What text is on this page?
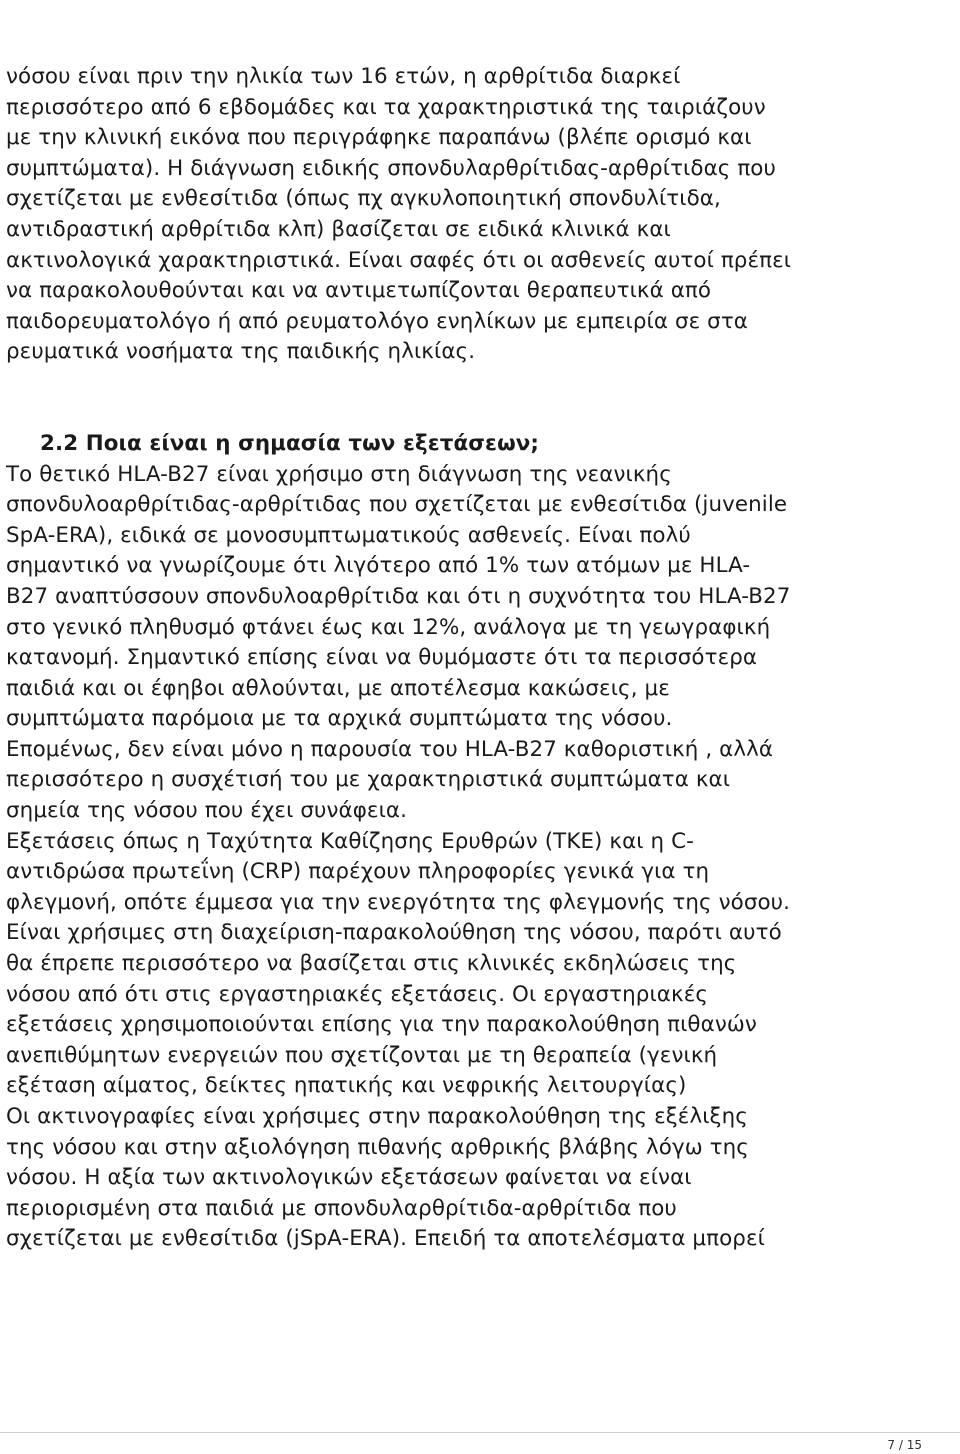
νόσου είναι πριν την ηλικία των 16 ετών, η αρθρίτιδα διαρκεί

περισσότερο από 6 εβδομάδες και τα χαρακτηριστικά της ταιριάζουν

με την κλινική εικόνα που περιγράφηκε παραπάνω (βλέπε ορισμό και

συμπτώματα). Η διάγνωση ειδικής σπονδυλαρθρίτιδας-αρθρίτιδας που

σχετίζεται με ενθεσίτιδα (όπως πχ αγκυλοποιητική σπονδυλίτιδα,

αντιδραστική αρθρίτιδα κλπ) βασίζεται σε ειδικά κλινικά και

ακτινολογικά χαρακτηριστικά. Είναι σαφές ότι οι ασθενείς αυτοί πρέπει

να παρακολουθούνται και να αντιμετωπίζονται θεραπευτικά από

παιδορευματολόγο ή από ρευματολόγο ενηλίκων με εμπειρία σε στα

ρευματικά νοσήματα της παιδικής ηλικίας.

2.2 Ποια είναι η σημασία των εξετάσεων;

Το θετικό HLA-B27 είναι χρήσιμο στη διάγνωση της νεανικής

σπονδυλοαρθρίτιδας-αρθρίτιδας που σχετίζεται με ενθεσίτιδα (juvenile

SpA-ERA), ειδικά σε μονοσυμπτωματικούς ασθενείς. Είναι πολύ

σημαντικό να γνωρίζουμε ότι λιγότερο από 1% των ατόμων με HLA-

B27 αναπτύσσουν σπονδυλοαρθρίτιδα και ότι η συχνότητα του HLA-B27

στο γενικό πληθυσμό φτάνει έως και 12%, ανάλογα με τη γεωγραφική

κατανομή. Σημαντικό επίσης είναι να θυμόμαστε ότι τα περισσότερα

παιδιά και οι έφηβοι αθλούνται, με αποτέλεσμα κακώσεις, με

συμπτώματα παρόμοια με τα αρχικά συμπτώματα της νόσου.

Επομένως, δεν είναι μόνο η παρουσία του HLA-B27 καθοριστική , αλλά

περισσότερο η συσχέτισή του με χαρακτηριστικά συμπτώματα και

σημεία της νόσου που έχει συνάφεια.

Εξετάσεις όπως η Ταχύτητα Καθίζησης Ερυθρών (ΤΚΕ) και η C-

αντιδρώσα πρωτεΐνη (CRP) παρέχουν πληροφορίες γενικά για τη

φλεγμονή, οπότε έμμεσα για την ενεργότητα της φλεγμονής της νόσου.

Είναι χρήσιμες στη διαχείριση-παρακολούθηση της νόσου, παρότι αυτό

θα έπρεπε περισσότερο να βασίζεται στις κλινικές εκδηλώσεις της

νόσου από ότι στις εργαστηριακές εξετάσεις. Οι εργαστηριακές

εξετάσεις χρησιμοποιούνται επίσης για την παρακολούθηση πιθανών

ανεπιθύμητων ενεργειών που σχετίζονται με τη θεραπεία (γενική

εξέταση αίματος, δείκτες ηπατικής και νεφρικής λειτουργίας)

Οι ακτινογραφίες είναι χρήσιμες στην παρακολούθηση της εξέλιξης

της νόσου και στην αξιολόγηση πιθανής αρθρικής βλάβης λόγω της

νόσου. Η αξία των ακτινολογικών εξετάσεων φαίνεται να είναι

περιορισμένη στα παιδιά με σπονδυλαρθρίτιδα-αρθρίτιδα που

σχετίζεται με ενθεσίτιδα (jSpA-ERA). Επειδή τα αποτελέσματα μπορεί

7 / 15
